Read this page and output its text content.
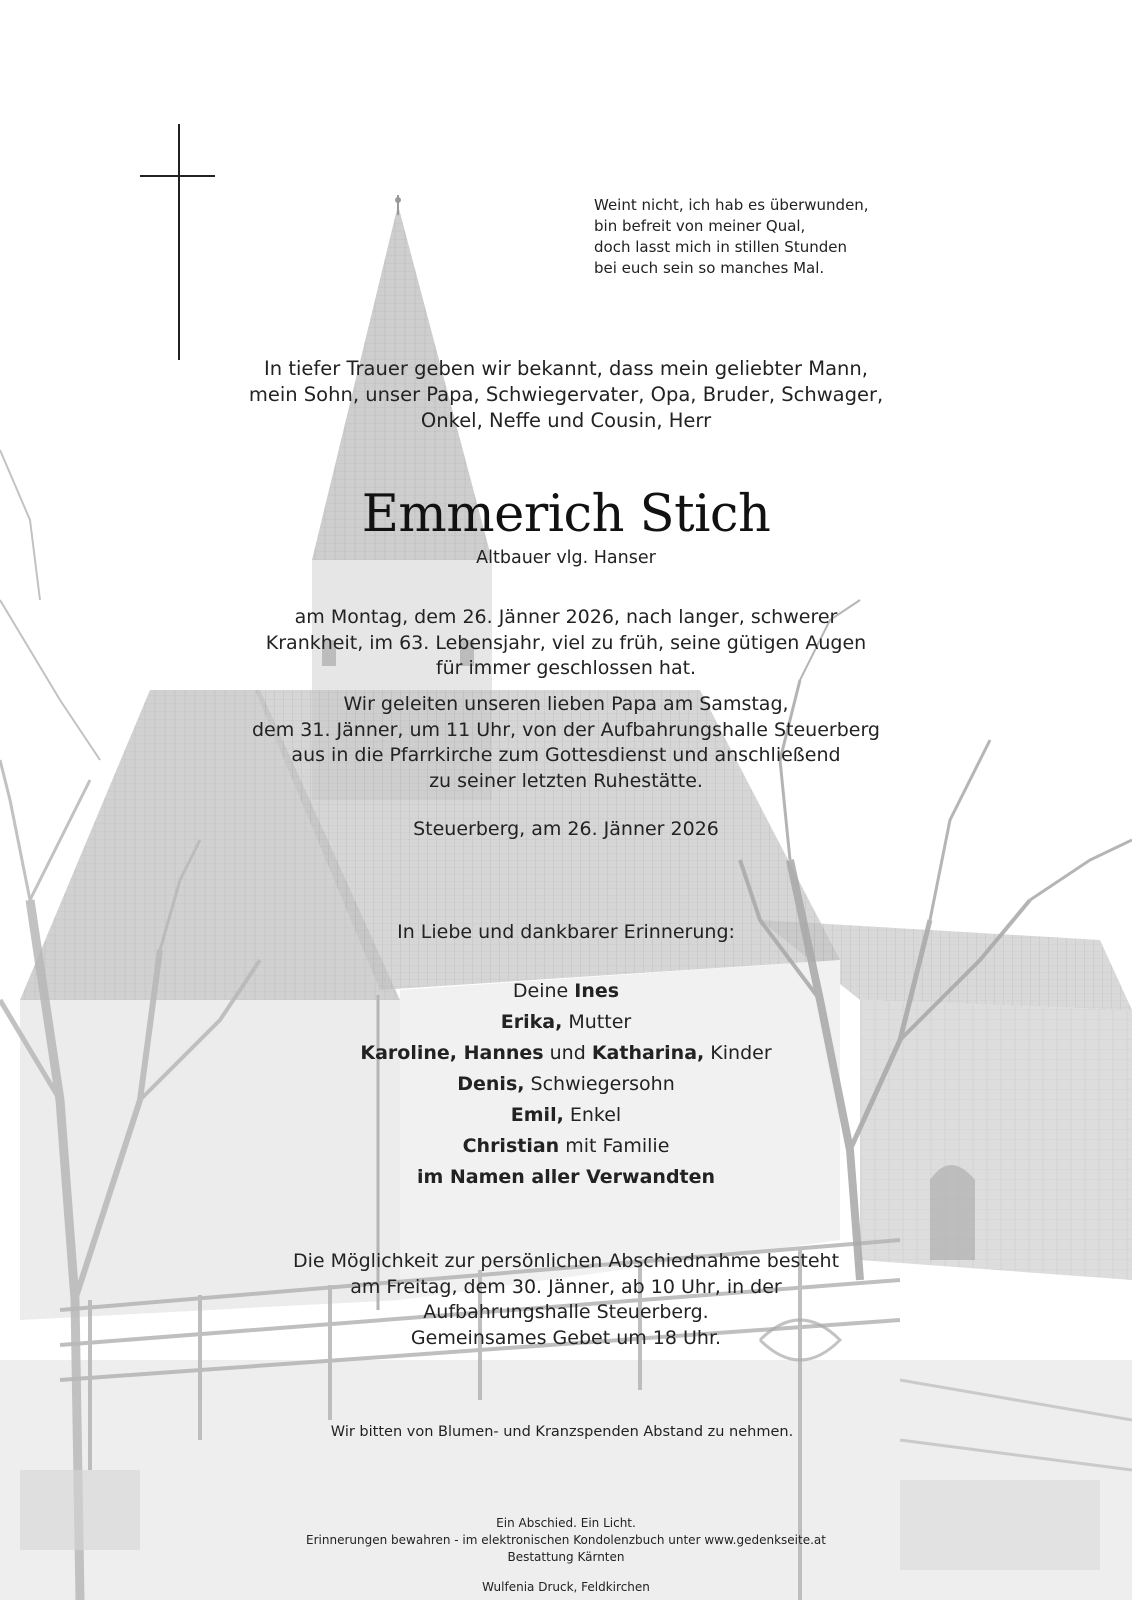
Weint nicht, ich hab es überwunden,
bin befreit von meiner Qual,
doch lasst mich in stillen Stunden
bei euch sein so manches Mal.
In tiefer Trauer geben wir bekannt, dass mein geliebter Mann,
mein Sohn, unser Papa, Schwiegervater, Opa, Bruder, Schwager,
Onkel, Neffe und Cousin, Herr
Emmerich Stich
Altbauer vlg. Hanser
am Montag, dem 26. Jänner 2026, nach langer, schwerer
Krankheit, im 63. Lebensjahr, viel zu früh, seine gütigen Augen
für immer geschlossen hat.
Wir geleiten unseren lieben Papa am Samstag,
dem 31. Jänner, um 11 Uhr, von der Aufbahrungshalle Steuerberg
aus in die Pfarrkirche zum Gottesdienst und anschließend
zu seiner letzten Ruhestätte.
Steuerberg, am 26. Jänner 2026
In Liebe und dankbarer Erinnerung:
Deine Ines
Erika, Mutter
Karoline, Hannes und Katharina, Kinder
Denis, Schwiegersohn
Emil, Enkel
Christian mit Familie
im Namen aller Verwandten
Die Möglichkeit zur persönlichen Abschiednahme besteht
am Freitag, dem 30. Jänner, ab 10 Uhr, in der
Aufbahrungshalle Steuerberg.
Gemeinsames Gebet um 18 Uhr.
Wir bitten von Blumen- und Kranzspenden Abstand zu nehmen.
Ein Abschied. Ein Licht.
Erinnerungen bewahren - im elektronischen Kondolenzbuch unter www.gedenkseite.at
Bestattung Kärnten
Wulfenia Druck, Feldkirchen
